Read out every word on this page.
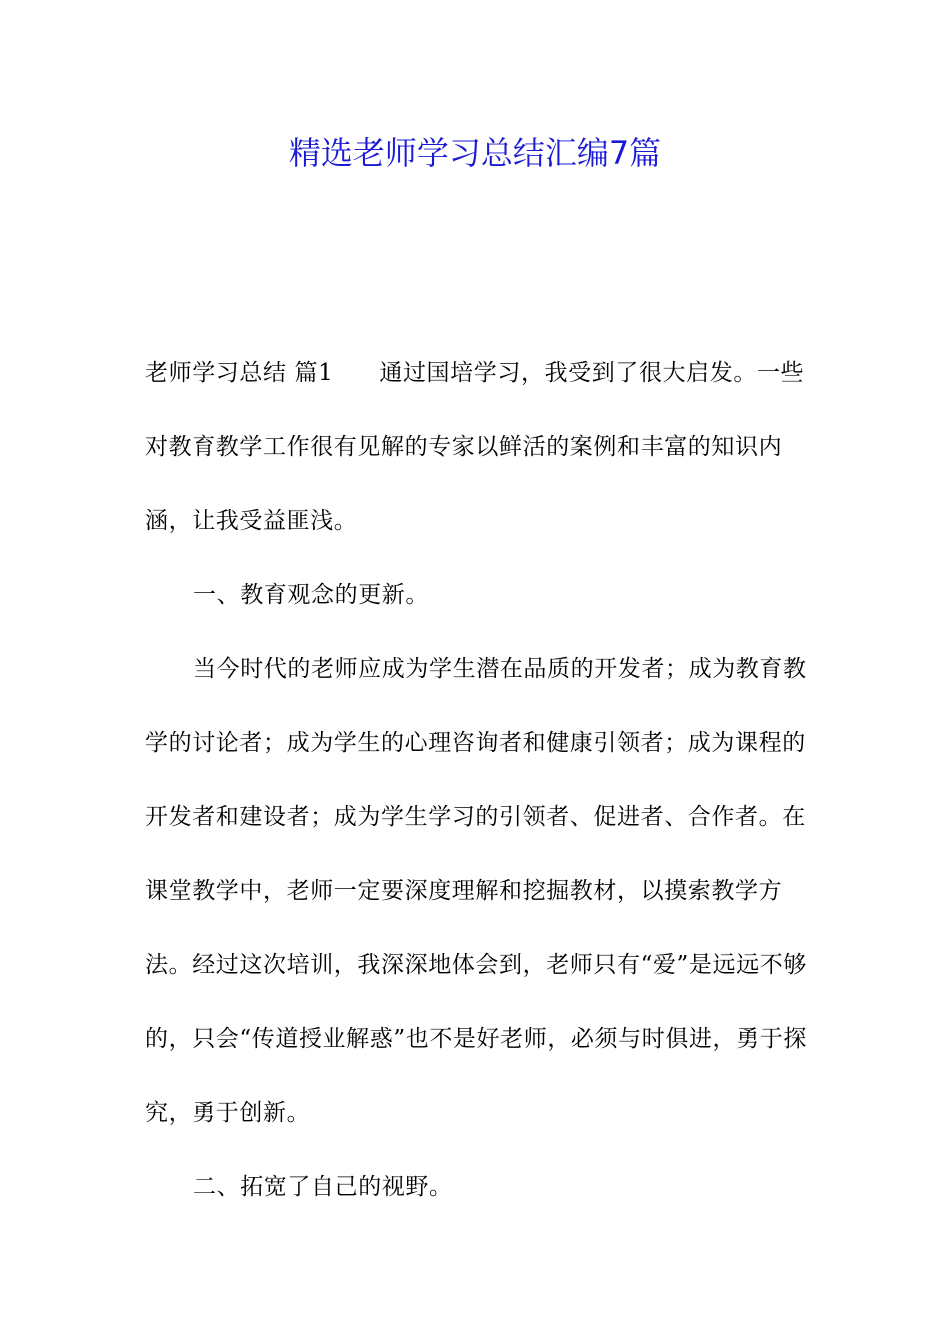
精选老师学习总结汇编7篇

老师学习总结 篇1 通过国培学习，我受到了很大启发。一些对教育教学工作很有见解的专家以鲜活的案例和丰富的知识内涵，让我受益匪浅。

一、教育观念的更新。

当今时代的老师应成为学生潜在品质的开发者；成为教育教学的讨论者；成为学生的心理咨询者和健康引领者；成为课程的开发者和建设者；成为学生学习的引领者、促进者、合作者。在课堂教学中，老师一定要深度理解和挖掘教材，以摸索教学方法。经过这次培训，我深深地体会到，老师只有“爱”是远远不够的，只会“传道授业解惑”也不是好老师，必须与时俱进，勇于探究，勇于创新。

二、拓宽了自己的视野。
